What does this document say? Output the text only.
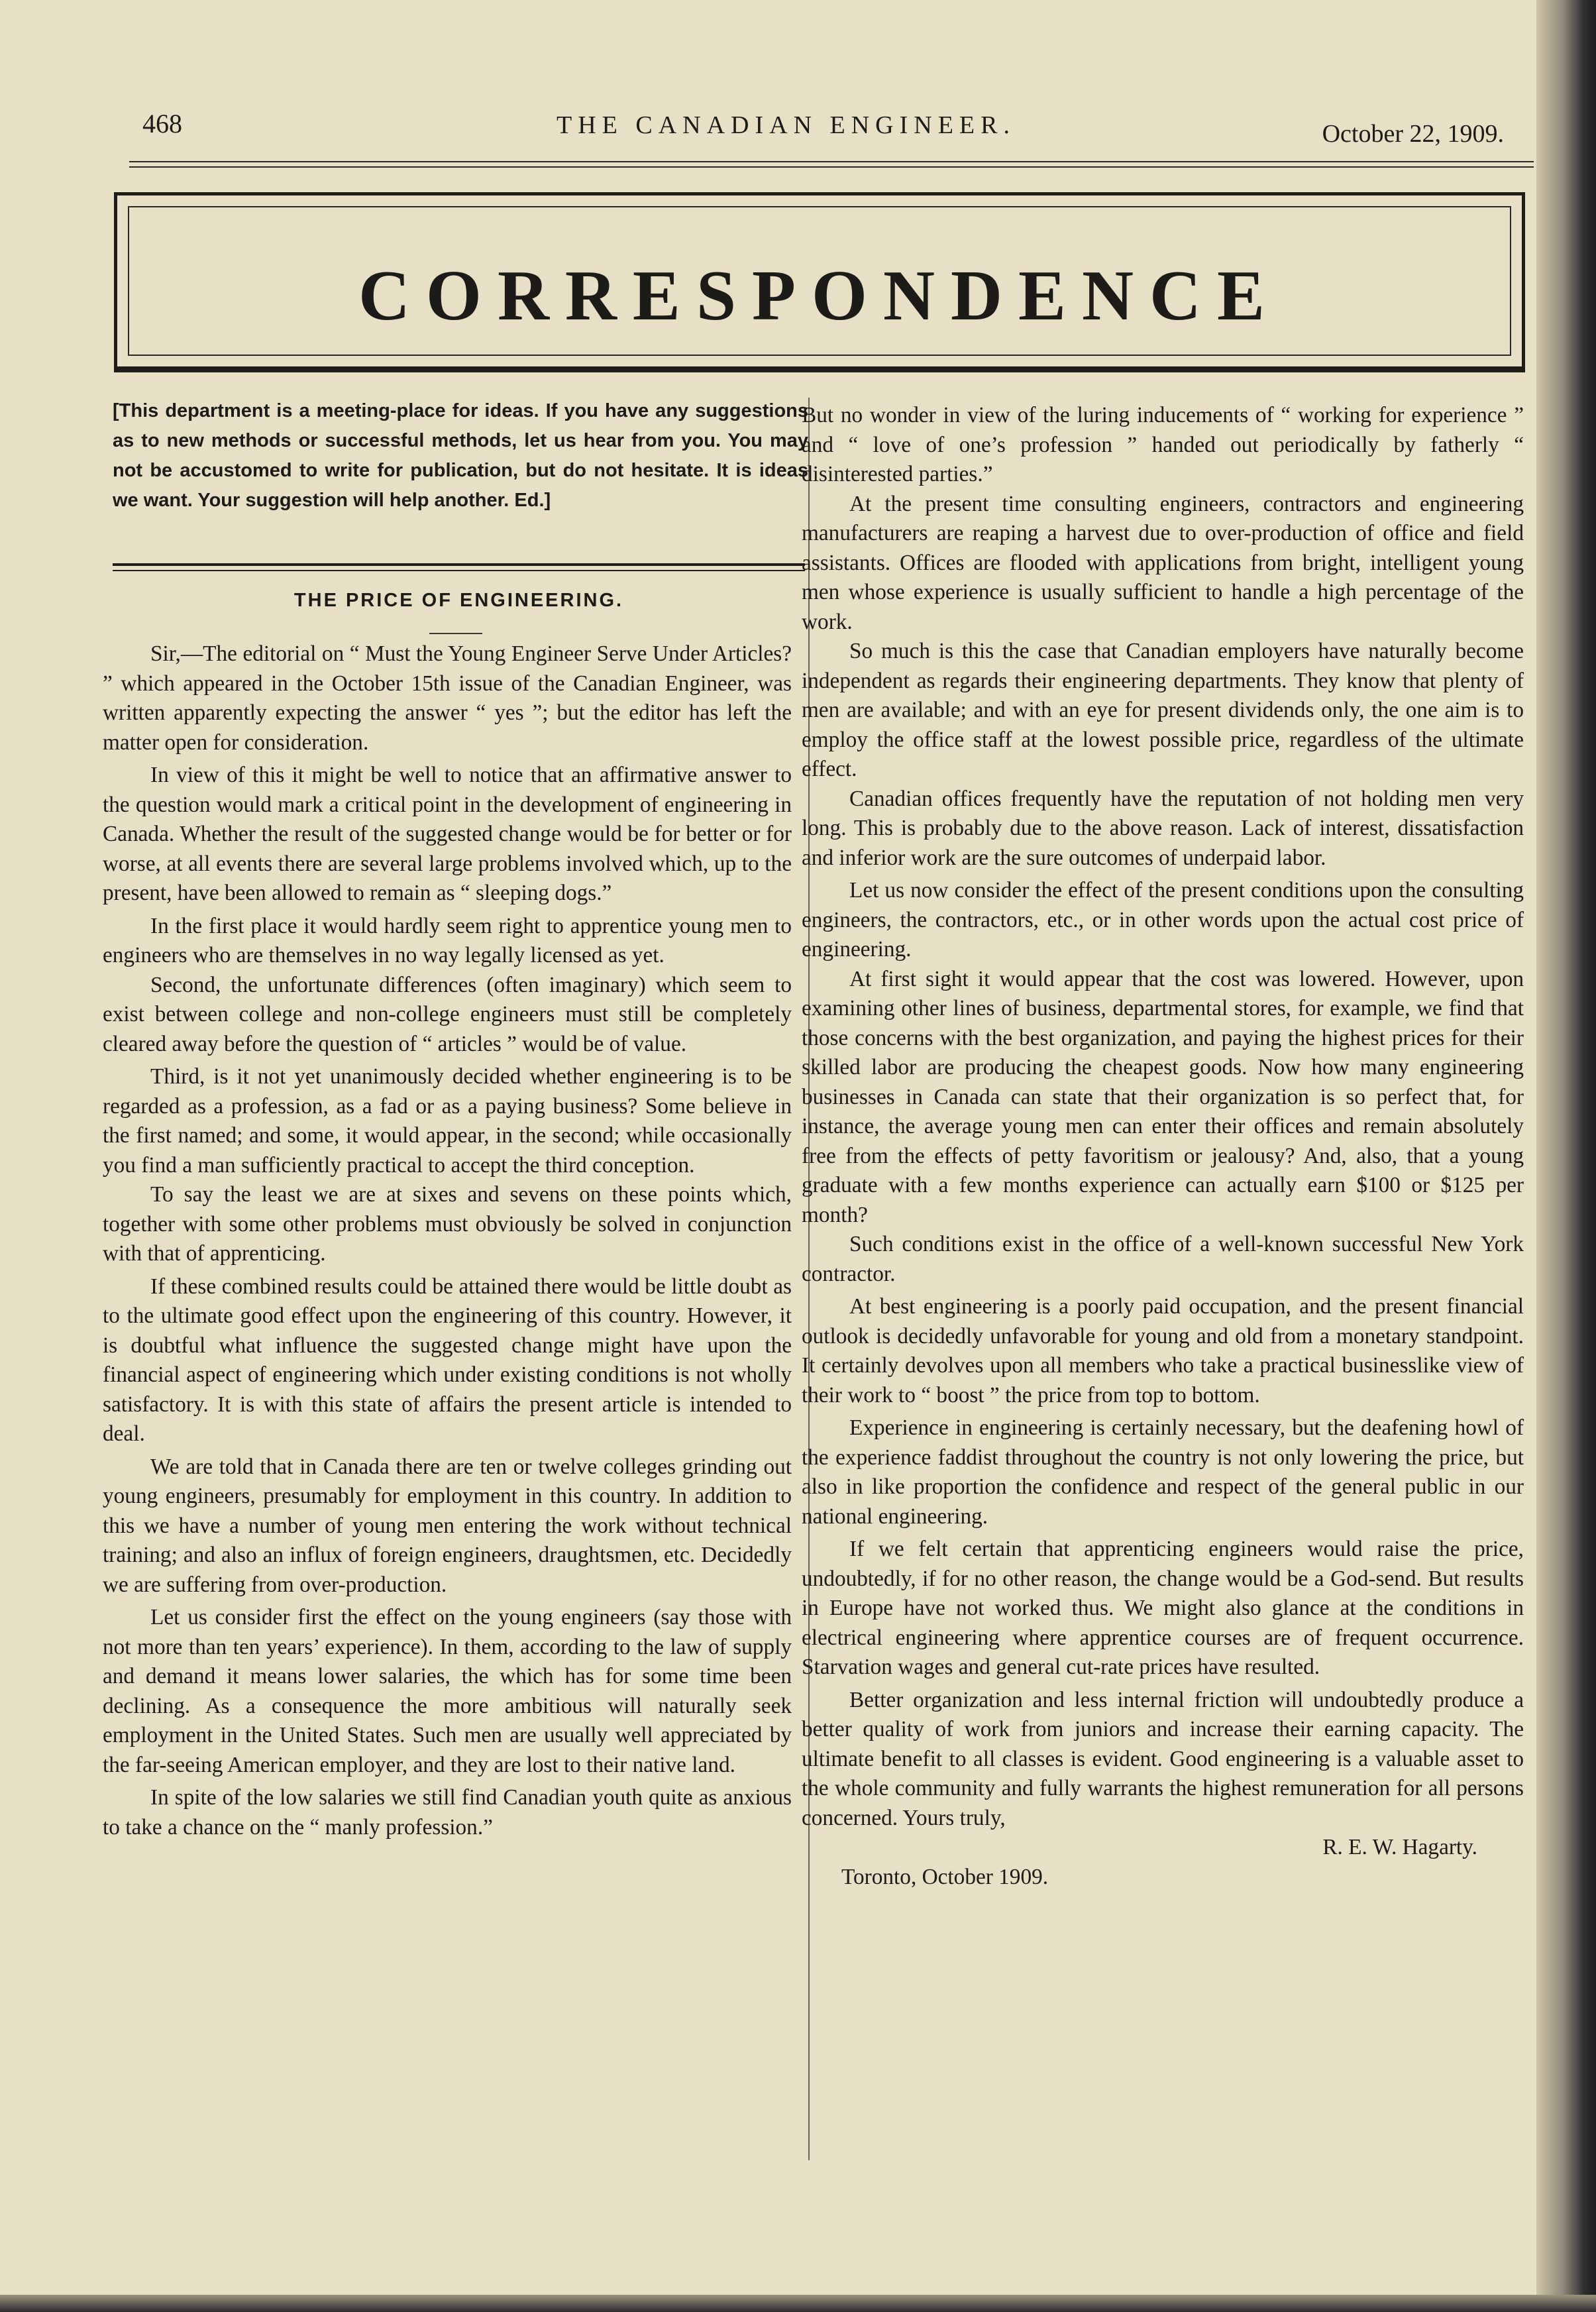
468	THE CANADIAN ENGINEER.	October 22, 1909.
CORRESPONDENCE
[This department is a meeting-place for ideas. If you have any suggestions as to new methods or successful methods, let us hear from you. You may not be accustomed to write for publication, but do not hesitate. It is ideas we want. Your suggestion will help another. Ed.]
THE PRICE OF ENGINEERING.

Sir,—The editorial on “ Must the Young Engineer Serve Under Articles? ” which appeared in the October 15th issue of the Canadian Engineer, was written apparently expecting the answer “ yes ”; but the editor has left the matter open for consideration.

In view of this it might be well to notice that an affirmative answer to the question would mark a critical point in the development of engineering in Canada. Whether the result of the suggested change would be for better or for worse, at all events there are several large problems involved which, up to the present, have been allowed to remain as “ sleeping dogs.”

In the first place it would hardly seem right to apprentice young men to engineers who are themselves in no way legally licensed as yet.

Second, the unfortunate differences (often imaginary) which seem to exist between college and non-college engineers must still be completely cleared away before the question of “ articles ” would be of value.

Third, is it not yet unanimously decided whether engineering is to be regarded as a profession, as a fad or as a paying business? Some believe in the first named; and some, it would appear, in the second; while occasionally you find a man sufficiently practical to accept the third conception.

To say the least we are at sixes and sevens on these points which, together with some other problems must obviously be solved in conjunction with that of apprenticing.

If these combined results could be attained there would be little doubt as to the ultimate good effect upon the engineering of this country. However, it is doubtful what influence the suggested change might have upon the financial aspect of engineering which under existing conditions is not wholly satisfactory. It is with this state of affairs the present article is intended to deal.

We are told that in Canada there are ten or twelve colleges grinding out young engineers, presumably for employment in this country. In addition to this we have a number of young men entering the work without technical training; and also an influx of foreign engineers, draughtsmen, etc. Decidedly we are suffering from over-production.

Let us consider first the effect on the young engineers (say those with not more than ten years’ experience). In them, according to the law of supply and demand it means lower salaries, the which has for some time been declining. As a consequence the more ambitious will naturally seek employment in the United States. Such men are usually well appreciated by the far-seeing American employer, and they are lost to their native land.

In spite of the low salaries we still find Canadian youth quite as anxious to take a chance on the “ manly profession.”

But no wonder in view of the luring inducements of “ working for experience ” and “ love of one’s profession ” handed out periodically by fatherly “ disinterested parties.”

At the present time consulting engineers, contractors and engineering manufacturers are reaping a harvest due to over-production of office and field assistants. Offices are flooded with applications from bright, intelligent young men whose experience is usually sufficient to handle a high percentage of the work.

So much is this the case that Canadian employers have naturally become independent as regards their engineering departments. They know that plenty of men are available; and with an eye for present dividends only, the one aim is to employ the office staff at the lowest possible price, regardless of the ultimate effect.

Canadian offices frequently have the reputation of not holding men very long. This is probably due to the above reason. Lack of interest, dissatisfaction and inferior work are the sure outcomes of underpaid labor.

Let us now consider the effect of the present conditions upon the consulting engineers, the contractors, etc., or in other words upon the actual cost price of engineering.

At first sight it would appear that the cost was lowered. However, upon examining other lines of business, departmental stores, for example, we find that those concerns with the best organization, and paying the highest prices for their skilled labor are producing the cheapest goods. Now how many engineering businesses in Canada can state that their organization is so perfect that, for instance, the average young men can enter their offices and remain absolutely free from the effects of petty favoritism or jealousy? And, also, that a young graduate with a few months experience can actually earn $100 or $125 per month?

Such conditions exist in the office of a well-known successful New York contractor.

At best engineering is a poorly paid occupation, and the present financial outlook is decidedly unfavorable for young and old from a monetary standpoint. It certainly devolves upon all members who take a practical businesslike view of their work to “ boost ” the price from top to bottom.

Experience in engineering is certainly necessary, but the deafening howl of the experience faddist throughout the country is not only lowering the price, but also in like proportion the confidence and respect of the general public in our national engineering.

If we felt certain that apprenticing engineers would raise the price, undoubtedly, if for no other reason, the change would be a God-send. But results in Europe have not worked thus. We might also glance at the conditions in electrical engineering where apprentice courses are of frequent occurrence. Starvation wages and general cut-rate prices have resulted.

Better organization and less internal friction will undoubtedly produce a better quality of work from juniors and increase their earning capacity. The ultimate benefit to all classes is evident. Good engineering is a valuable asset to the whole community and fully warrants the highest remuneration for all persons concerned. Yours truly,

R. E. W. Hagarty.
Toronto, October 1909.
